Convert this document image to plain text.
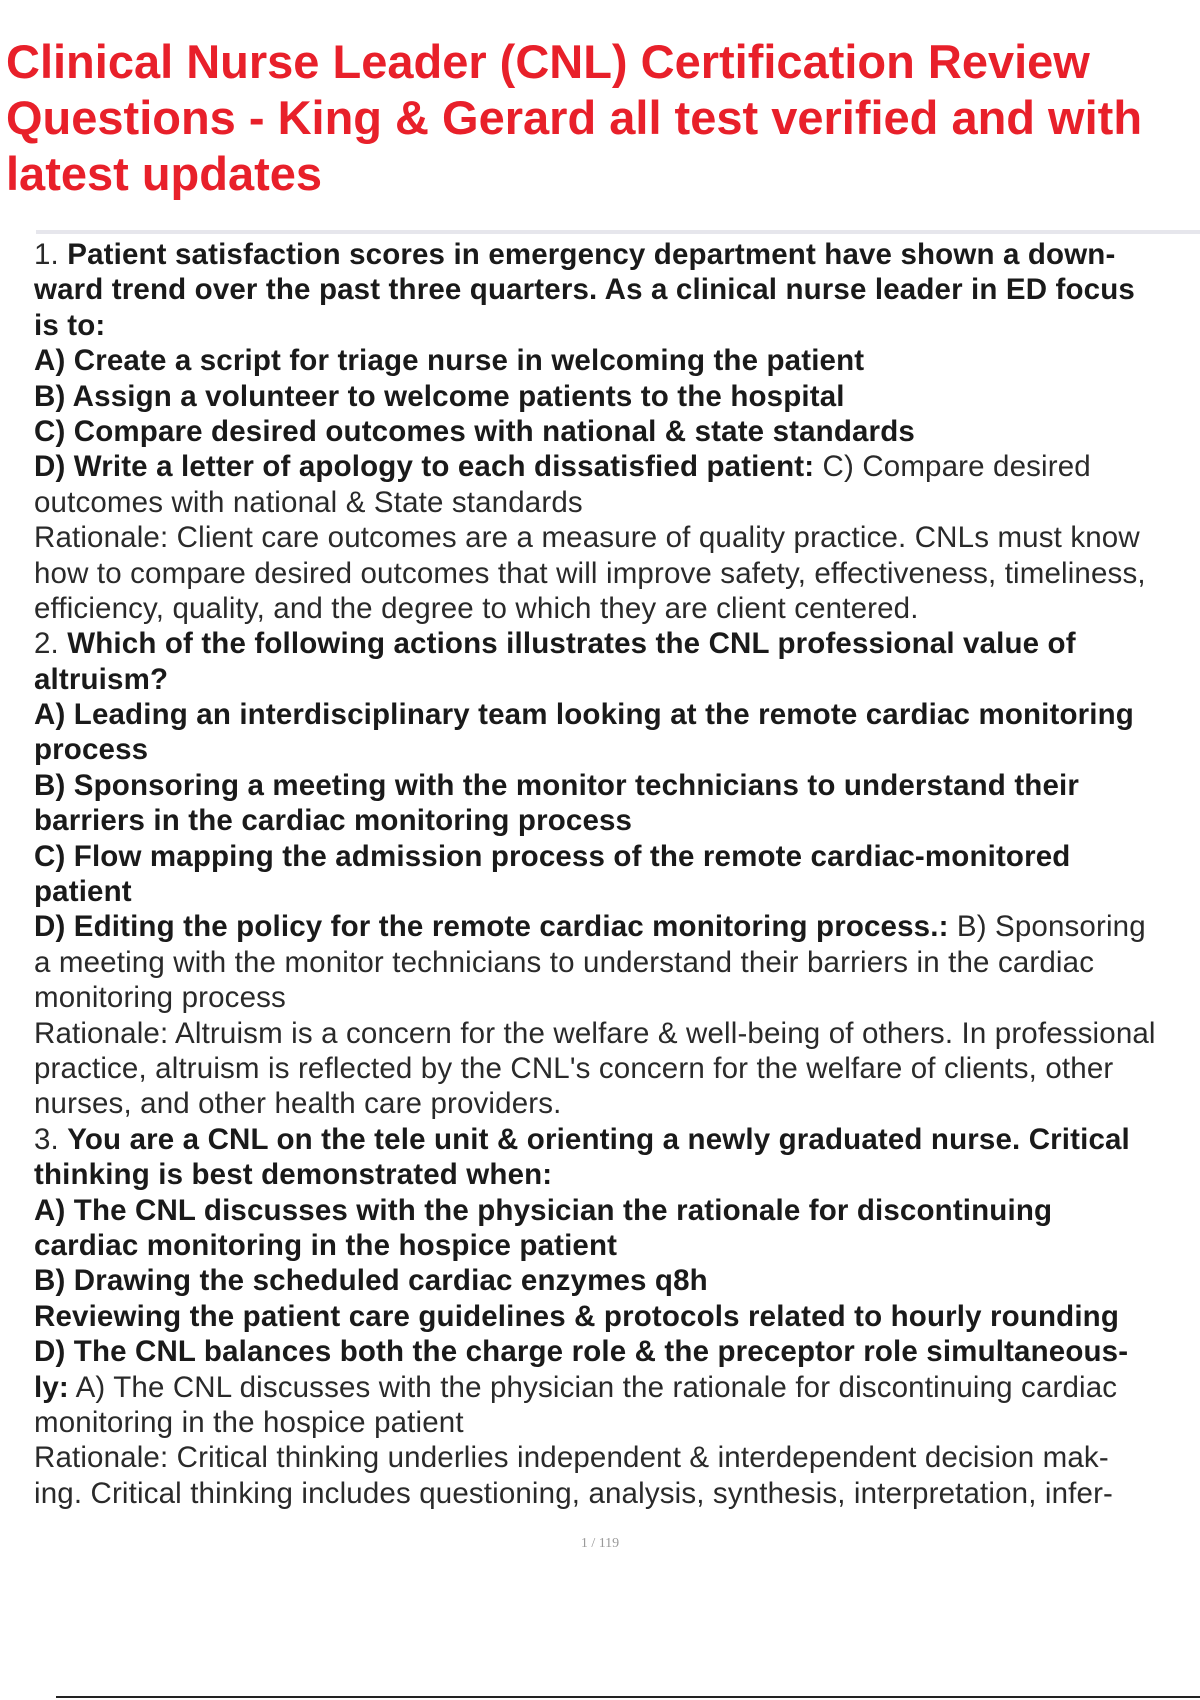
Clinical Nurse Leader (CNL) Certification Review Questions - King & Gerard all test verified and with latest updates
1. Patient satisfaction scores in emergency department have shown a down-
ward trend over the past three quarters. As a clinical nurse leader in ED focus
is to:
A) Create a script for triage nurse in welcoming the patient
B) Assign a volunteer to welcome patients to the hospital
C) Compare desired outcomes with national & state standards
D) Write a letter of apology to each dissatisfied patient: C) Compare desired
outcomes with national & State standards
Rationale: Client care outcomes are a measure of quality practice. CNLs must know
how to compare desired outcomes that will improve safety, effectiveness, timeliness,
efficiency, quality, and the degree to which they are client centered.
2. Which of the following actions illustrates the CNL professional value of
altruism?
A) Leading an interdisciplinary team looking at the remote cardiac monitoring
process
B) Sponsoring a meeting with the monitor technicians to understand their
barriers in the cardiac monitoring process
C) Flow mapping the admission process of the remote cardiac-monitored
patient
D) Editing the policy for the remote cardiac monitoring process.: B) Sponsoring
a meeting with the monitor technicians to understand their barriers in the cardiac
monitoring process
Rationale: Altruism is a concern for the welfare & well-being of others. In professional
practice, altruism is reflected by the CNL's concern for the welfare of clients, other
nurses, and other health care providers.
3. You are a CNL on the tele unit & orienting a newly graduated nurse. Critical
thinking is best demonstrated when:
A) The CNL discusses with the physician the rationale for discontinuing
cardiac monitoring in the hospice patient
B) Drawing the scheduled cardiac enzymes q8h
Reviewing the patient care guidelines & protocols related to hourly rounding
D) The CNL balances both the charge role & the preceptor role simultaneous-
ly: A) The CNL discusses with the physician the rationale for discontinuing cardiac
monitoring in the hospice patient
Rationale: Critical thinking underlies independent & interdependent decision mak-
ing. Critical thinking includes questioning, analysis, synthesis, interpretation, infer-
1 / 119
